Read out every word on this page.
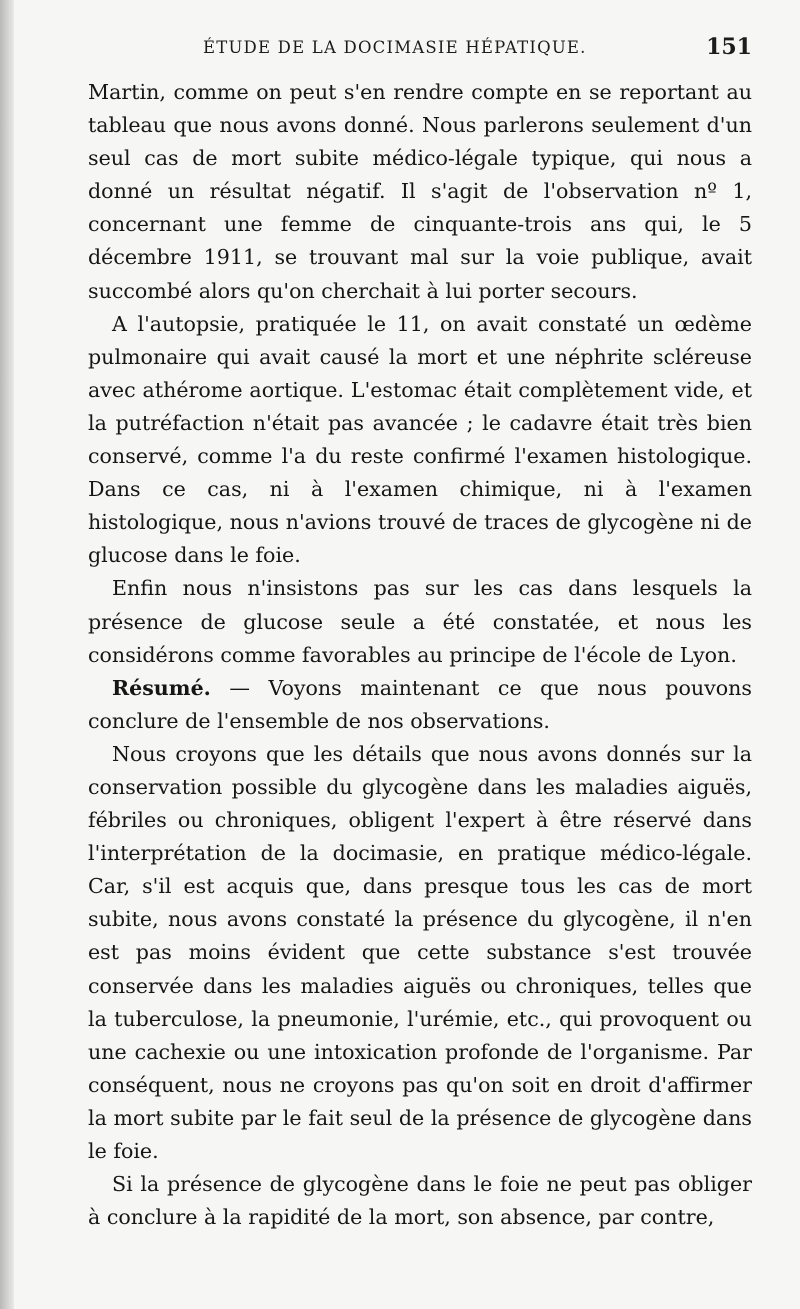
ÉTUDE DE LA DOCIMASIE HÉPATIQUE.	151

Martin, comme on peut s'en rendre compte en se reportant au tableau que nous avons donné. Nous parlerons seulement d'un seul cas de mort subite médico-légale typique, qui nous a donné un résultat négatif. Il s'agit de l'observation nº 1, concernant une femme de cinquante-trois ans qui, le 5 décembre 1911, se trouvant mal sur la voie publique, avait succombé alors qu'on cherchait à lui porter secours.

A l'autopsie, pratiquée le 11, on avait constaté un œdème pulmonaire qui avait causé la mort et une néphrite scléreuse avec athérome aortique. L'estomac était complètement vide, et la putréfaction n'était pas avancée ; le cadavre était très bien conservé, comme l'a du reste confirmé l'examen histologique. Dans ce cas, ni à l'examen chimique, ni à l'examen histologique, nous n'avions trouvé de traces de glycogène ni de glucose dans le foie.

Enfin nous n'insistons pas sur les cas dans lesquels la présence de glucose seule a été constatée, et nous les considérons comme favorables au principe de l'école de Lyon.

Résumé. — Voyons maintenant ce que nous pouvons conclure de l'ensemble de nos observations.

Nous croyons que les détails que nous avons donnés sur la conservation possible du glycogène dans les maladies aiguës, fébriles ou chroniques, obligent l'expert à être réservé dans l'interprétation de la docimasie, en pratique médico-légale. Car, s'il est acquis que, dans presque tous les cas de mort subite, nous avons constaté la présence du glycogène, il n'en est pas moins évident que cette substance s'est trouvée conservée dans les maladies aiguës ou chroniques, telles que la tuberculose, la pneumonie, l'urémie, etc., qui provoquent ou une cachexie ou une intoxication profonde de l'organisme. Par conséquent, nous ne croyons pas qu'on soit en droit d'affirmer la mort subite par le fait seul de la présence de glycogène dans le foie.

Si la présence de glycogène dans le foie ne peut pas obliger à conclure à la rapidité de la mort, son absence, par contre,
